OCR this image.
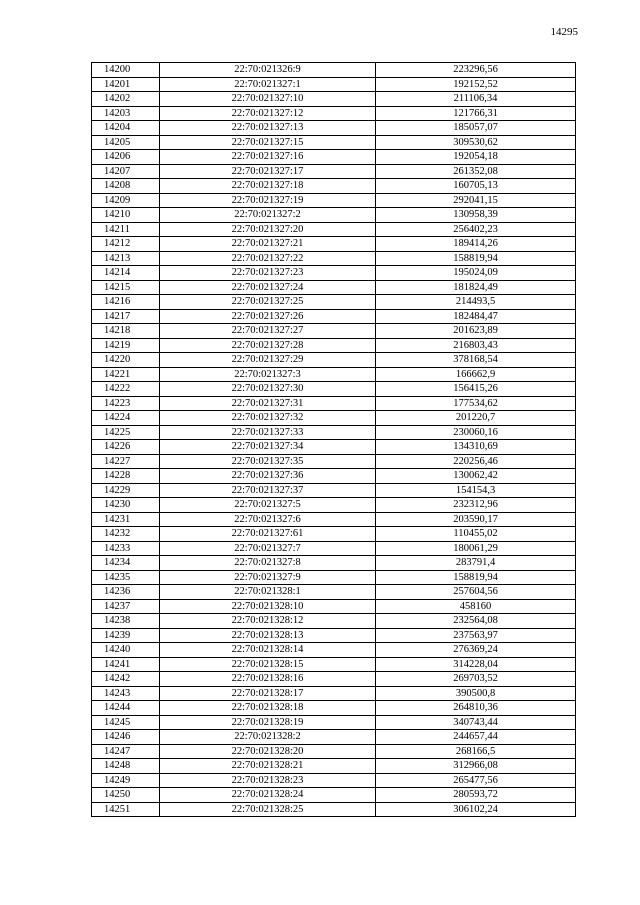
14295
14200	22:70:021326:9	223296,56
14201	22:70:021327:1	192152,52
14202	22:70:021327:10	211106,34
14203	22:70:021327:12	121766,31
14204	22:70:021327:13	185057,07
14205	22:70:021327:15	309530,62
14206	22:70:021327:16	192054,18
14207	22:70:021327:17	261352,08
14208	22:70:021327:18	160705,13
14209	22:70:021327:19	292041,15
14210	22:70:021327:2	130958,39
14211	22:70:021327:20	256402,23
14212	22:70:021327:21	189414,26
14213	22:70:021327:22	158819,94
14214	22:70:021327:23	195024,09
14215	22:70:021327:24	181824,49
14216	22:70:021327:25	214493,5
14217	22:70:021327:26	182484,47
14218	22:70:021327:27	201623,89
14219	22:70:021327:28	216803,43
14220	22:70:021327:29	378168,54
14221	22:70:021327:3	166662,9
14222	22:70:021327:30	156415,26
14223	22:70:021327:31	177534,62
14224	22:70:021327:32	201220,7
14225	22:70:021327:33	230060,16
14226	22:70:021327:34	134310,69
14227	22:70:021327:35	220256,46
14228	22:70:021327:36	130062,42
14229	22:70:021327:37	154154,3
14230	22:70:021327:5	232312,96
14231	22:70:021327:6	203590,17
14232	22:70:021327:61	110455,02
14233	22:70:021327:7	180061,29
14234	22:70:021327:8	283791,4
14235	22:70:021327:9	158819,94
14236	22:70:021328:1	257604,56
14237	22:70:021328:10	458160
14238	22:70:021328:12	232564,08
14239	22:70:021328:13	237563,97
14240	22:70:021328:14	276369,24
14241	22:70:021328:15	314228,04
14242	22:70:021328:16	269703,52
14243	22:70:021328:17	390500,8
14244	22:70:021328:18	264810,36
14245	22:70:021328:19	340743,44
14246	22:70:021328:2	244657,44
14247	22:70:021328:20	268166,5
14248	22:70:021328:21	312966,08
14249	22:70:021328:23	265477,56
14250	22:70:021328:24	280593,72
14251	22:70:021328:25	306102,24
